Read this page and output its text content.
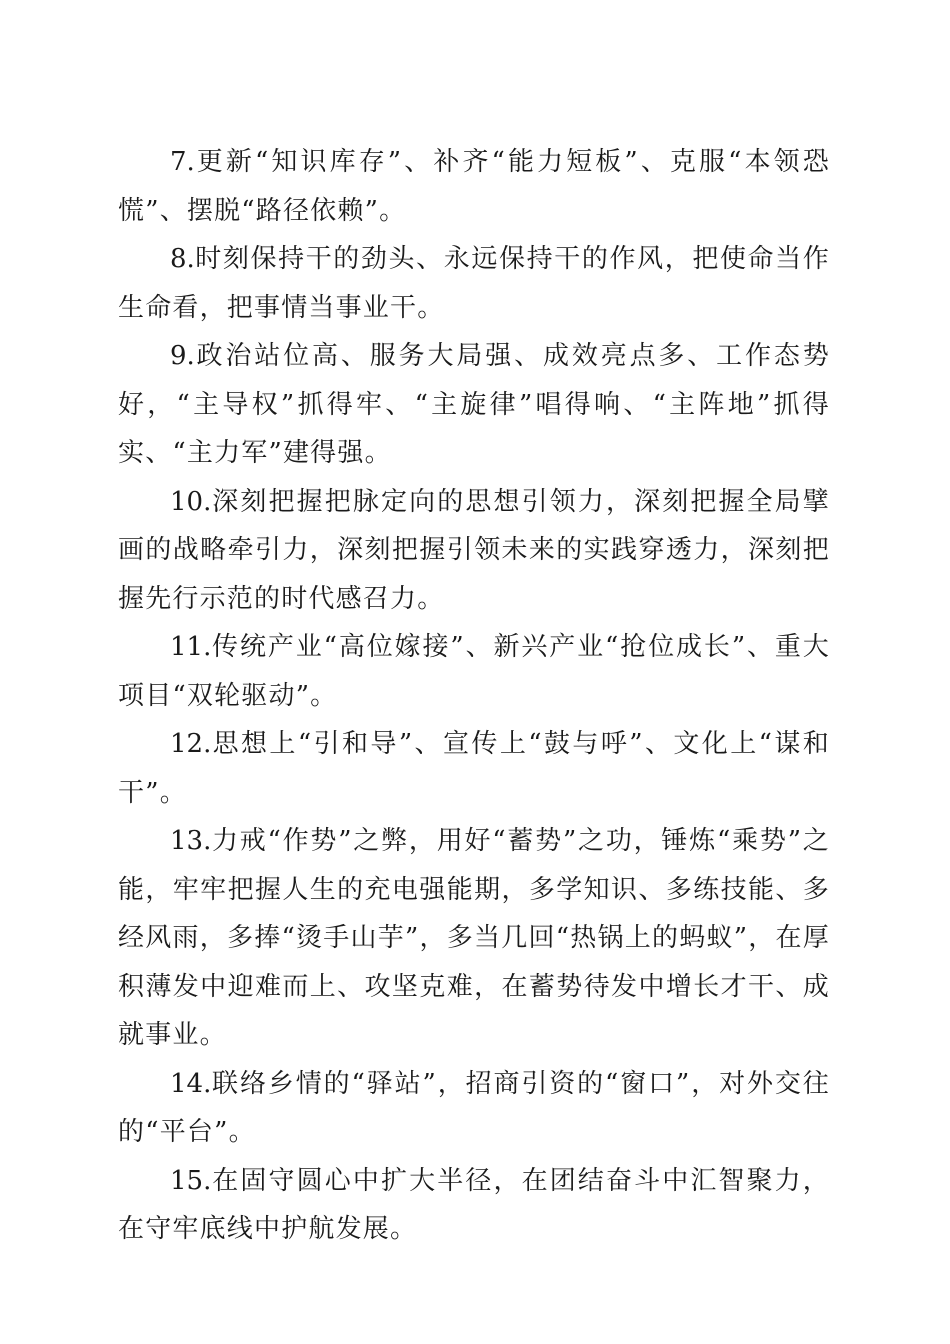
7.更新“知识库存”、补齐“能力短板”、克服“本领恐慌”、摆脱“路径依赖”。

8.时刻保持干的劲头、永远保持干的作风，把使命当作生命看，把事情当事业干。

9.政治站位高、服务大局强、成效亮点多、工作态势好，“主导权”抓得牢、“主旋律”唱得响、“主阵地”抓得实、“主力军”建得强。

10.深刻把握把脉定向的思想引领力，深刻把握全局擘画的战略牵引力，深刻把握引领未来的实践穿透力，深刻把握先行示范的时代感召力。

11.传统产业“高位嫁接”、新兴产业“抢位成长”、重大项目“双轮驱动”。

12.思想上“引和导”、宣传上“鼓与呼”、文化上“谋和干”。

13.力戒“作势”之弊，用好“蓄势”之功，锤炼“乘势”之能，牢牢把握人生的充电强能期，多学知识、多练技能、多经风雨，多捧“烫手山芋”，多当几回“热锅上的蚂蚁”，在厚积薄发中迎难而上、攻坚克难，在蓄势待发中增长才干、成就事业。

14.联络乡情的“驿站”，招商引资的“窗口”，对外交往的“平台”。

15.在固守圆心中扩大半径，在团结奋斗中汇智聚力，在守牢底线中护航发展。
